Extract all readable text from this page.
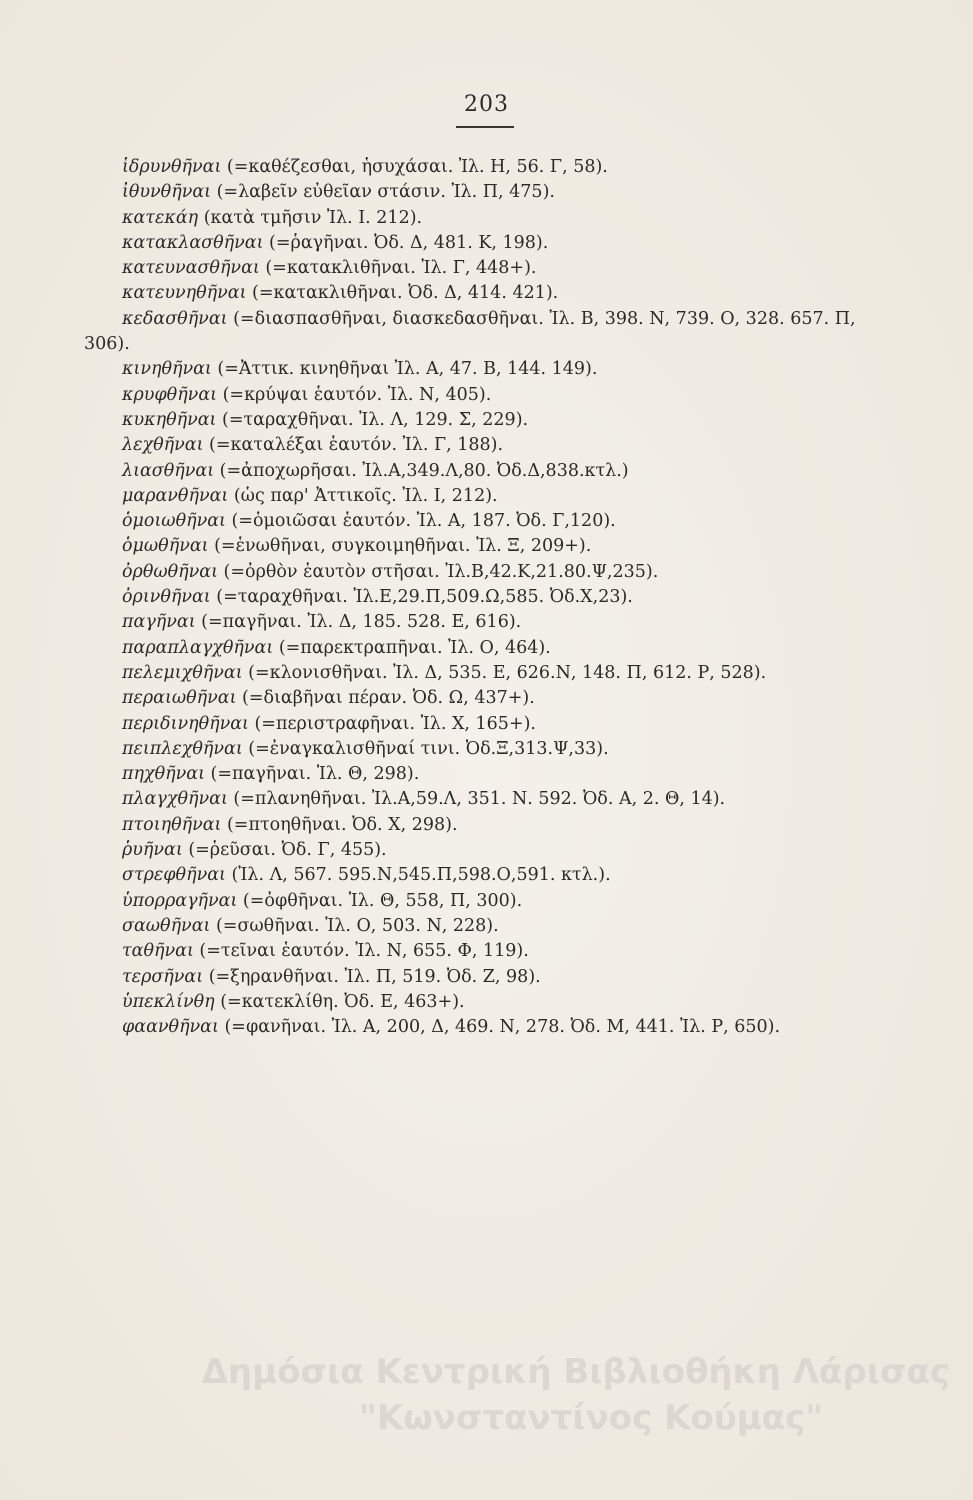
203
ἱδρυνθῆναι (=καθέζεσθαι, ἡσυχάσαι. Ἰλ. Η, 56. Γ, 58).
ἰθυνθῆναι (=λαβεῖν εὐθεῖαν στάσιν. Ἰλ. Π, 475).
κατεκάη (κατὰ τμῆσιν Ἰλ. Ι. 212).
κατακλασθῆναι (=ῥαγῆναι. Ὀδ. Δ, 481. Κ, 198).
κατευνασθῆναι (=κατακλιθῆναι. Ἰλ. Γ, 448+).
κατευνηθῆναι (=κατακλιθῆναι. Ὀδ. Δ, 414. 421).
κεδασθῆναι (=διασπασθῆναι, διασκεδασθῆναι. Ἰλ. Β, 398. Ν, 739. Ο, 328. 657. Π, 306).
κινηθῆναι (=Ἀττικ. κινηθῆναι Ἰλ. Α, 47. Β, 144. 149).
κρυφθῆναι (=κρύψαι ἑαυτόν. Ἰλ. Ν, 405).
κυκηθῆναι (=ταραχθῆναι. Ἰλ. Λ, 129. Σ, 229).
λεχθῆναι (=καταλέξαι ἑαυτόν. Ἰλ. Γ, 188).
λιασθῆναι (=ἀποχωρῆσαι. Ἰλ.Α,349.Λ,80. Ὀδ.Δ,838.κτλ.)
μαρανθῆναι (ὡς παρ' Ἀττικοῖς. Ἰλ. Ι, 212).
ὁμοιωθῆναι (=ὁμοιῶσαι ἑαυτόν. Ἰλ. Α, 187. Ὀδ. Γ,120).
ὁμωθῆναι (=ἑνωθῆναι, συγκοιμηθῆναι. Ἰλ. Ξ, 209+).
ὀρθωθῆναι (=ὀρθὸν ἑαυτὸν στῆσαι. Ἰλ.Β,42.Κ,21.80.Ψ,235).
ὀρινθῆναι (=ταραχθῆναι. Ἰλ.Ε,29.Π,509.Ω,585. Ὀδ.Χ,23).
παγῆναι (=παγῆναι. Ἰλ. Δ, 185. 528. Ε, 616).
παραπλαγχθῆναι (=παρεκτραπῆναι. Ἰλ. Ο, 464).
πελεμιχθῆναι (=κλονισθῆναι. Ἰλ. Δ, 535. Ε, 626.Ν, 148. Π, 612. Ρ, 528).
περαιωθῆναι (=διαβῆναι πέραν. Ὀδ. Ω, 437+).
περιδινηθῆναι (=περιστραφῆναι. Ἰλ. Χ, 165+).
πειπλεχθῆναι (=ἐναγκαλισθῆναί τινι. Ὀδ.Ξ,313.Ψ,33).
πηχθῆναι (=παγῆναι. Ἰλ. Θ, 298).
πλαγχθῆναι (=πλανηθῆναι. Ἰλ.Α,59.Λ, 351. Ν. 592. Ὀδ. Α, 2. Θ, 14).
πτοιηθῆναι (=πτοηθῆναι. Ὀδ. Χ, 298).
ῥυῆναι (=ῥεῦσαι. Ὀδ. Γ, 455).
στρεφθῆναι (Ἰλ. Λ, 567. 595.Ν,545.Π,598.Ο,591. κτλ.).
ὑπορραγῆναι (=ὀφθῆναι. Ἰλ. Θ, 558, Π, 300).
σαωθῆναι (=σωθῆναι. Ἰλ. Ο, 503. Ν, 228).
ταθῆναι (=τεῖναι ἑαυτόν. Ἰλ. Ν, 655. Φ, 119).
τερσῆναι (=ξηρανθῆναι. Ἰλ. Π, 519. Ὀδ. Ζ, 98).
ὑπεκλίνθη (=κατεκλίθη. Ὀδ. Ε, 463+).
φαανθῆναι (=φανῆναι. Ἰλ. Α, 200, Δ, 469. Ν, 278. Ὀδ. Μ, 441. Ἰλ. Ρ, 650).
Δημόσια Κεντρική Βιβλιοθήκη Λάρισας
"Κωνσταντίνος Κούμας"
